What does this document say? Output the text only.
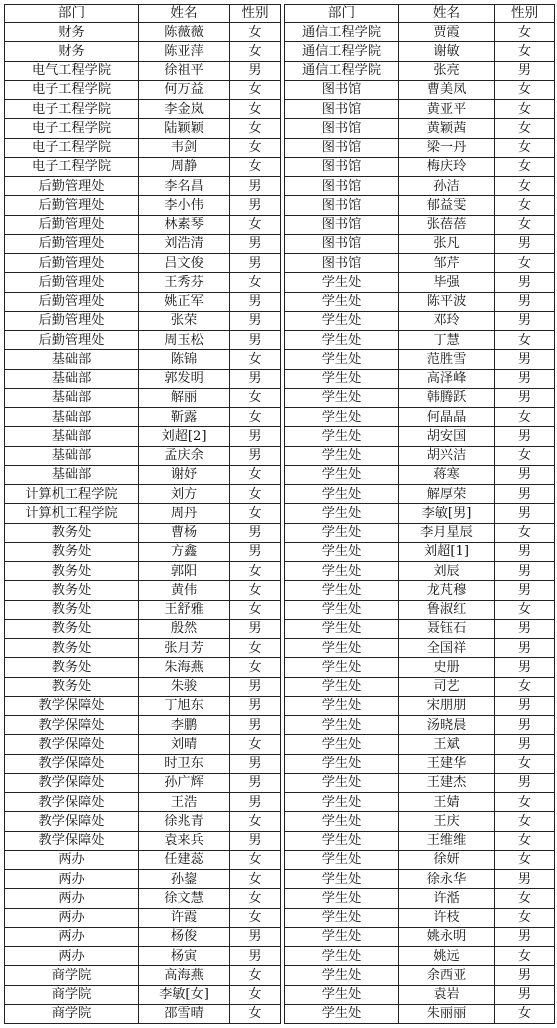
部门	姓名	性别
财务	陈薇薇	女
财务	陈亚萍	女
电气工程学院	徐祖平	男
电子工程学院	何万益	女
电子工程学院	李金岚	女
电子工程学院	陆颖颖	女
电子工程学院	韦剑	女
电子工程学院	周静	女
后勤管理处	李名昌	男
后勤管理处	李小伟	男
后勤管理处	林素琴	女
后勤管理处	刘浩清	男
后勤管理处	吕文俊	男
后勤管理处	王秀芬	女
后勤管理处	姚正军	男
后勤管理处	张荣	男
后勤管理处	周玉松	男
基础部	陈锦	女
基础部	郭发明	男
基础部	解丽	女
基础部	靳露	女
基础部	刘超[2]	男
基础部	孟庆余	男
基础部	谢妤	女
计算机工程学院	刘方	女
计算机工程学院	周丹	女
教务处	曹杨	男
教务处	方鑫	男
教务处	郭阳	女
教务处	黄伟	女
教务处	王舒雅	女
教务处	殷然	男
教务处	张月芳	女
教务处	朱海燕	女
教务处	朱骏	男
教学保障处	丁旭东	男
教学保障处	李鹏	男
教学保障处	刘晴	女
教学保障处	时卫东	男
教学保障处	孙广辉	男
教学保障处	王浩	男
教学保障处	徐兆青	女
教学保障处	袁来兵	男
两办	任建蕊	女
两办	孙鋆	女
两办	徐文慧	女
两办	许霞	女
两办	杨俊	男
两办	杨寅	男
商学院	高海燕	女
商学院	李敏[女]	女
商学院	邵雪晴	女
部门	姓名	性别
通信工程学院	贾霞	女
通信工程学院	谢敏	女
通信工程学院	张亮	男
图书馆	曹美凤	女
图书馆	黄亚平	女
图书馆	黄颖茜	女
图书馆	梁一丹	女
图书馆	梅庆玲	女
图书馆	孙洁	女
图书馆	郁益雯	女
图书馆	张蓓蓓	女
图书馆	张凡	男
图书馆	邹芹	女
学生处	毕强	男
学生处	陈平波	男
学生处	邓玲	男
学生处	丁慧	女
学生处	范胜雪	男
学生处	高泽峰	男
学生处	韩腾跃	男
学生处	何晶晶	女
学生处	胡安国	男
学生处	胡兴洁	女
学生处	蒋寒	男
学生处	解厚荣	男
学生处	李敏[男]	男
学生处	李月星辰	女
学生处	刘超[1]	男
学生处	刘辰	男
学生处	龙芃穆	男
学生处	鲁淑红	女
学生处	聂钰石	男
学生处	全国祥	男
学生处	史册	男
学生处	司艺	女
学生处	宋朋朋	男
学生处	汤晓晨	男
学生处	王斌	男
学生处	王建华	女
学生处	王建杰	男
学生处	王婧	女
学生处	王庆	女
学生处	王维维	女
学生处	徐妍	女
学生处	徐永华	男
学生处	许湉	女
学生处	许枝	女
学生处	姚永明	男
学生处	姚远	女
学生处	余西亚	男
学生处	袁岩	男
学生处	朱丽丽	女
